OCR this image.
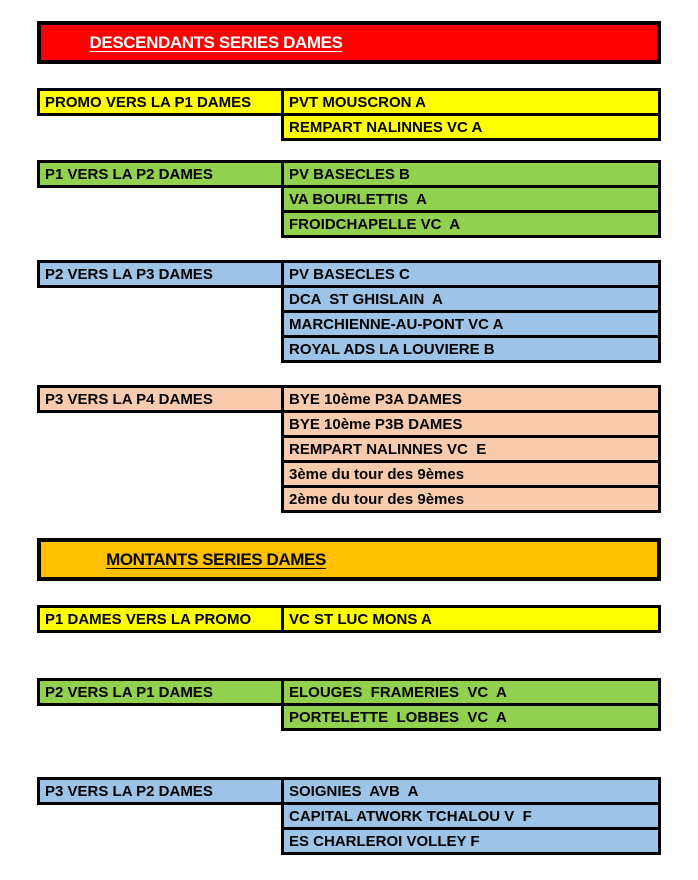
DESCENDANTS SERIES DAMES
PROMO VERS LA P1 DAMES	PVT MOUSCRON A
REMPART NALINNES VC A
P1 VERS LA P2 DAMES	PV BASECLES B
VA BOURLETTIS  A
FROIDCHAPELLE VC  A
P2 VERS LA P3 DAMES	PV BASECLES C
DCA  ST GHISLAIN  A
MARCHIENNE-AU-PONT VC A
ROYAL ADS LA LOUVIERE B
P3 VERS LA P4 DAMES	BYE 10ème P3A DAMES
BYE 10ème P3B DAMES
REMPART NALINNES VC  E
3ème du tour des 9èmes
2ème du tour des 9èmes
MONTANTS SERIES DAMES
P1 DAMES VERS LA PROMO	VC ST LUC MONS A
P2 VERS LA P1 DAMES	ELOUGES  FRAMERIES  VC  A
PORTELETTE  LOBBES  VC  A
P3 VERS LA P2 DAMES	SOIGNIES  AVB  A
CAPITAL ATWORK TCHALOU V  F
ES CHARLEROI VOLLEY F
